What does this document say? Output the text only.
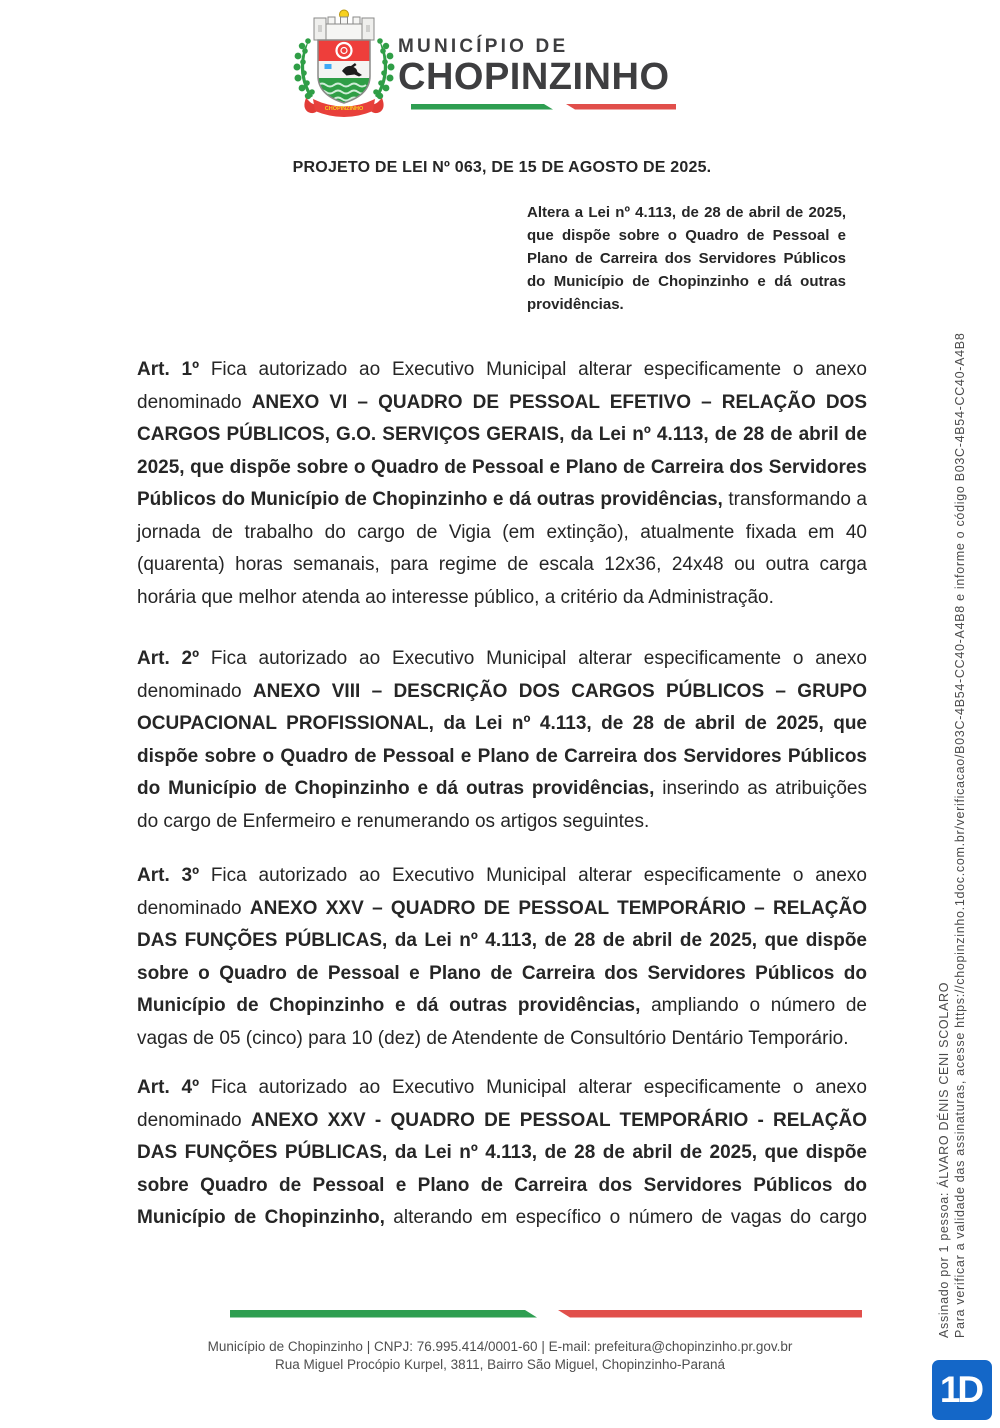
CHOPINZINHO
MUNICÍPIO DE
CHOPINZINHO
PROJETO DE LEI Nº 063, DE 15 DE AGOSTO DE 2025.
Altera a Lei nº 4.113, de 28 de abril de 2025, que dispõe sobre o Quadro de Pessoal e Plano de Carreira dos Servidores Públicos do Município de Chopinzinho e dá outras providências.

Art. 1º Fica autorizado ao Executivo Municipal alterar especificamente o anexo denominado ANEXO VI – QUADRO DE PESSOAL EFETIVO – RELAÇÃO DOS CARGOS PÚBLICOS, G.O. SERVIÇOS GERAIS, da Lei nº 4.113, de 28 de abril de 2025, que dispõe sobre o Quadro de Pessoal e Plano de Carreira dos Servidores Públicos do Município de Chopinzinho e dá outras providências, transformando a jornada de trabalho do cargo de Vigia (em extinção), atualmente fixada em 40 (quarenta) horas semanais, para regime de escala 12x36, 24x48 ou outra carga horária que melhor atenda ao interesse público, a critério da Administração.

Art. 2º Fica autorizado ao Executivo Municipal alterar especificamente o anexo denominado ANEXO VIII – DESCRIÇÃO DOS CARGOS PÚBLICOS – GRUPO OCUPACIONAL PROFISSIONAL, da Lei nº 4.113, de 28 de abril de 2025, que dispõe sobre o Quadro de Pessoal e Plano de Carreira dos Servidores Públicos do Município de Chopinzinho e dá outras providências, inserindo as atribuições do cargo de Enfermeiro e renumerando os artigos seguintes.

Art. 3º Fica autorizado ao Executivo Municipal alterar especificamente o anexo denominado ANEXO XXV – QUADRO DE PESSOAL TEMPORÁRIO – RELAÇÃO DAS FUNÇÕES PÚBLICAS, da Lei nº 4.113, de 28 de abril de 2025, que dispõe sobre o Quadro de Pessoal e Plano de Carreira dos Servidores Públicos do Município de Chopinzinho e dá outras providências, ampliando o número de vagas de 05 (cinco) para 10 (dez) de Atendente de Consultório Dentário Temporário.

Art. 4º Fica autorizado ao Executivo Municipal alterar especificamente o anexo denominado ANEXO XXV - QUADRO DE PESSOAL TEMPORÁRIO - RELAÇÃO DAS FUNÇÕES PÚBLICAS, da Lei nº 4.113, de 28 de abril de 2025, que dispõe sobre Quadro de Pessoal e Plano de Carreira dos Servidores Públicos do Município de Chopinzinho, alterando em específico o número de vagas do cargo

Município de Chopinzinho | CNPJ: 76.995.414/0001-60 | E-mail: prefeitura@chopinzinho.pr.gov.br
Rua Miguel Procópio Kurpel, 3811, Bairro São Miguel, Chopinzinho-Paraná
Assinado por 1 pessoa: ÁLVARO DÉNIS CENI SCOLARO Para verificar a validade das assinaturas, acesse https://chopinzinho.1doc.com.br/verificacao/B03C-4B54-CC40-A4B8 e informe o código B03C-4B54-CC40-A4B8
1D
